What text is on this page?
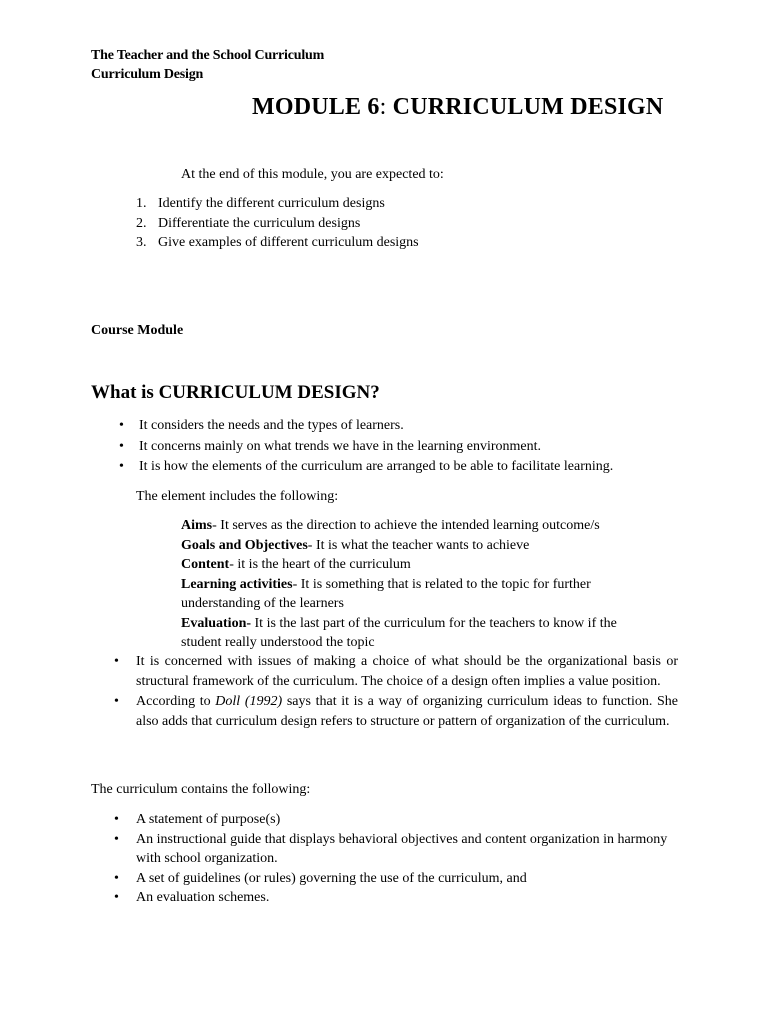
The Teacher and the School Curriculum
Curriculum Design
MODULE 6: CURRICULUM DESIGN
At the end of this module, you are expected to:
1. Identify the different curriculum designs
2. Differentiate the curriculum designs
3. Give examples of different curriculum designs
Course Module
What is CURRICULUM DESIGN?
• It considers the needs and the types of learners.
• It concerns mainly on what trends we have in the learning environment.
• It is how the elements of the curriculum are arranged to be able to facilitate learning.
The element includes the following:

Aims- It serves as the direction to achieve the intended learning outcome/s

Goals and Objectives- It is what the teacher wants to achieve

Content- it is the heart of the curriculum

Learning activities- It is something that is related to the topic for further understanding of the learners

Evaluation- It is the last part of the curriculum for the teachers to know if the student really understood the topic

• It is concerned with issues of making a choice of what should be the organizational basis or structural framework of the curriculum. The choice of a design often implies a value position.
• According to Doll (1992) says that it is a way of organizing curriculum ideas to function. She also adds that curriculum design refers to structure or pattern of organization of the curriculum.
The curriculum contains the following:
• A statement of purpose(s)
• An instructional guide that displays behavioral objectives and content organization in harmony with school organization.
• A set of guidelines (or rules) governing the use of the curriculum, and
• An evaluation schemes.
